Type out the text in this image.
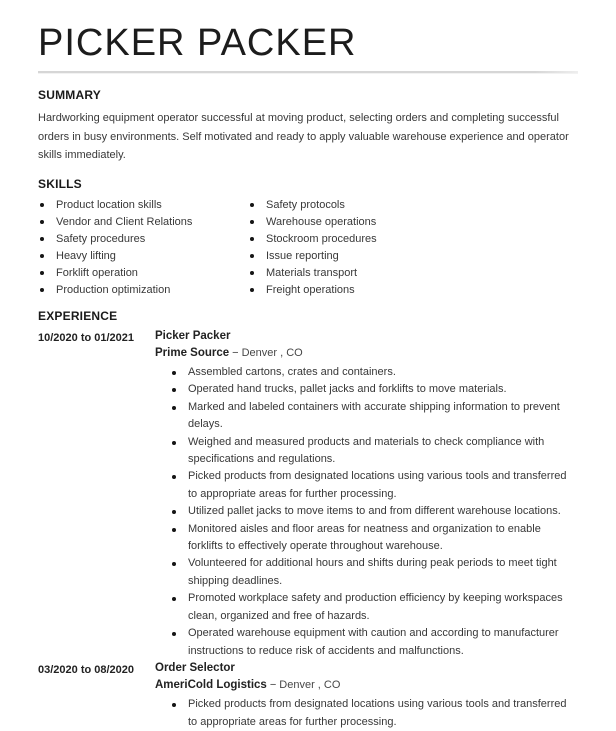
PICKER PACKER
SUMMARY

Hardworking equipment operator successful at moving product, selecting orders and completing successful orders in busy environments. Self motivated and ready to apply valuable warehouse experience and operator skills immediately.

SKILLS
Product location skills
Vendor and Client Relations
Safety procedures
Heavy lifting
Forklift operation
Production optimization
Safety protocols
Warehouse operations
Stockroom procedures
Issue reporting
Materials transport
Freight operations
EXPERIENCE
10/2020 to 01/2021	Picker Packer
Prime Source − Denver , CO
Assembled cartons, crates and containers.
Operated hand trucks, pallet jacks and forklifts to move materials.
Marked and labeled containers with accurate shipping information to prevent delays.
Weighed and measured products and materials to check compliance with specifications and regulations.
Picked products from designated locations using various tools and transferred to appropriate areas for further processing.
Utilized pallet jacks to move items to and from different warehouse locations.
Monitored aisles and floor areas for neatness and organization to enable forklifts to effectively operate throughout warehouse.
Volunteered for additional hours and shifts during peak periods to meet tight shipping deadlines.
Promoted workplace safety and production efficiency by keeping workspaces clean, organized and free of hazards.
Operated warehouse equipment with caution and according to manufacturer instructions to reduce risk of accidents and malfunctions.
03/2020 to 08/2020	Order Selector
AmeriCold Logistics − Denver , CO
Picked products from designated locations using various tools and transferred to appropriate areas for further processing.
